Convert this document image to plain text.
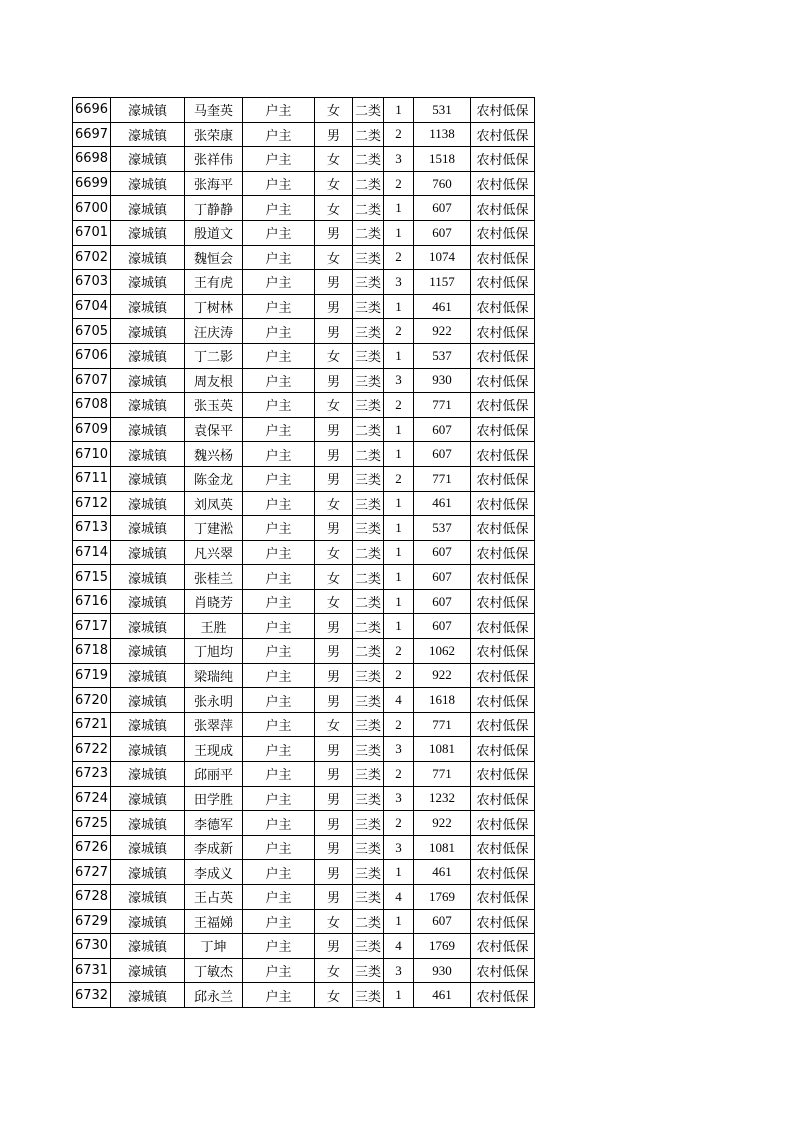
6696	濠城镇	马奎英	户主	女	二类	1	531	农村低保
6697	濠城镇	张荣康	户主	男	二类	2	1138	农村低保
6698	濠城镇	张祥伟	户主	女	二类	3	1518	农村低保
6699	濠城镇	张海平	户主	女	二类	2	760	农村低保
6700	濠城镇	丁静静	户主	女	二类	1	607	农村低保
6701	濠城镇	殷道文	户主	男	二类	1	607	农村低保
6702	濠城镇	魏恒会	户主	女	三类	2	1074	农村低保
6703	濠城镇	王有虎	户主	男	三类	3	1157	农村低保
6704	濠城镇	丁树林	户主	男	三类	1	461	农村低保
6705	濠城镇	汪庆涛	户主	男	三类	2	922	农村低保
6706	濠城镇	丁二影	户主	女	三类	1	537	农村低保
6707	濠城镇	周友根	户主	男	三类	3	930	农村低保
6708	濠城镇	张玉英	户主	女	三类	2	771	农村低保
6709	濠城镇	袁保平	户主	男	二类	1	607	农村低保
6710	濠城镇	魏兴杨	户主	男	二类	1	607	农村低保
6711	濠城镇	陈金龙	户主	男	三类	2	771	农村低保
6712	濠城镇	刘凤英	户主	女	三类	1	461	农村低保
6713	濠城镇	丁建淞	户主	男	三类	1	537	农村低保
6714	濠城镇	凡兴翠	户主	女	二类	1	607	农村低保
6715	濠城镇	张桂兰	户主	女	二类	1	607	农村低保
6716	濠城镇	肖晓芳	户主	女	二类	1	607	农村低保
6717	濠城镇	王胜	户主	男	二类	1	607	农村低保
6718	濠城镇	丁旭均	户主	男	二类	2	1062	农村低保
6719	濠城镇	梁瑞纯	户主	男	三类	2	922	农村低保
6720	濠城镇	张永明	户主	男	三类	4	1618	农村低保
6721	濠城镇	张翠萍	户主	女	三类	2	771	农村低保
6722	濠城镇	王现成	户主	男	三类	3	1081	农村低保
6723	濠城镇	邱丽平	户主	男	三类	2	771	农村低保
6724	濠城镇	田学胜	户主	男	三类	3	1232	农村低保
6725	濠城镇	李德军	户主	男	三类	2	922	农村低保
6726	濠城镇	李成新	户主	男	三类	3	1081	农村低保
6727	濠城镇	李成义	户主	男	三类	1	461	农村低保
6728	濠城镇	王占英	户主	男	三类	4	1769	农村低保
6729	濠城镇	王福娣	户主	女	二类	1	607	农村低保
6730	濠城镇	丁坤	户主	男	三类	4	1769	农村低保
6731	濠城镇	丁敏杰	户主	女	三类	3	930	农村低保
6732	濠城镇	邱永兰	户主	女	三类	1	461	农村低保
